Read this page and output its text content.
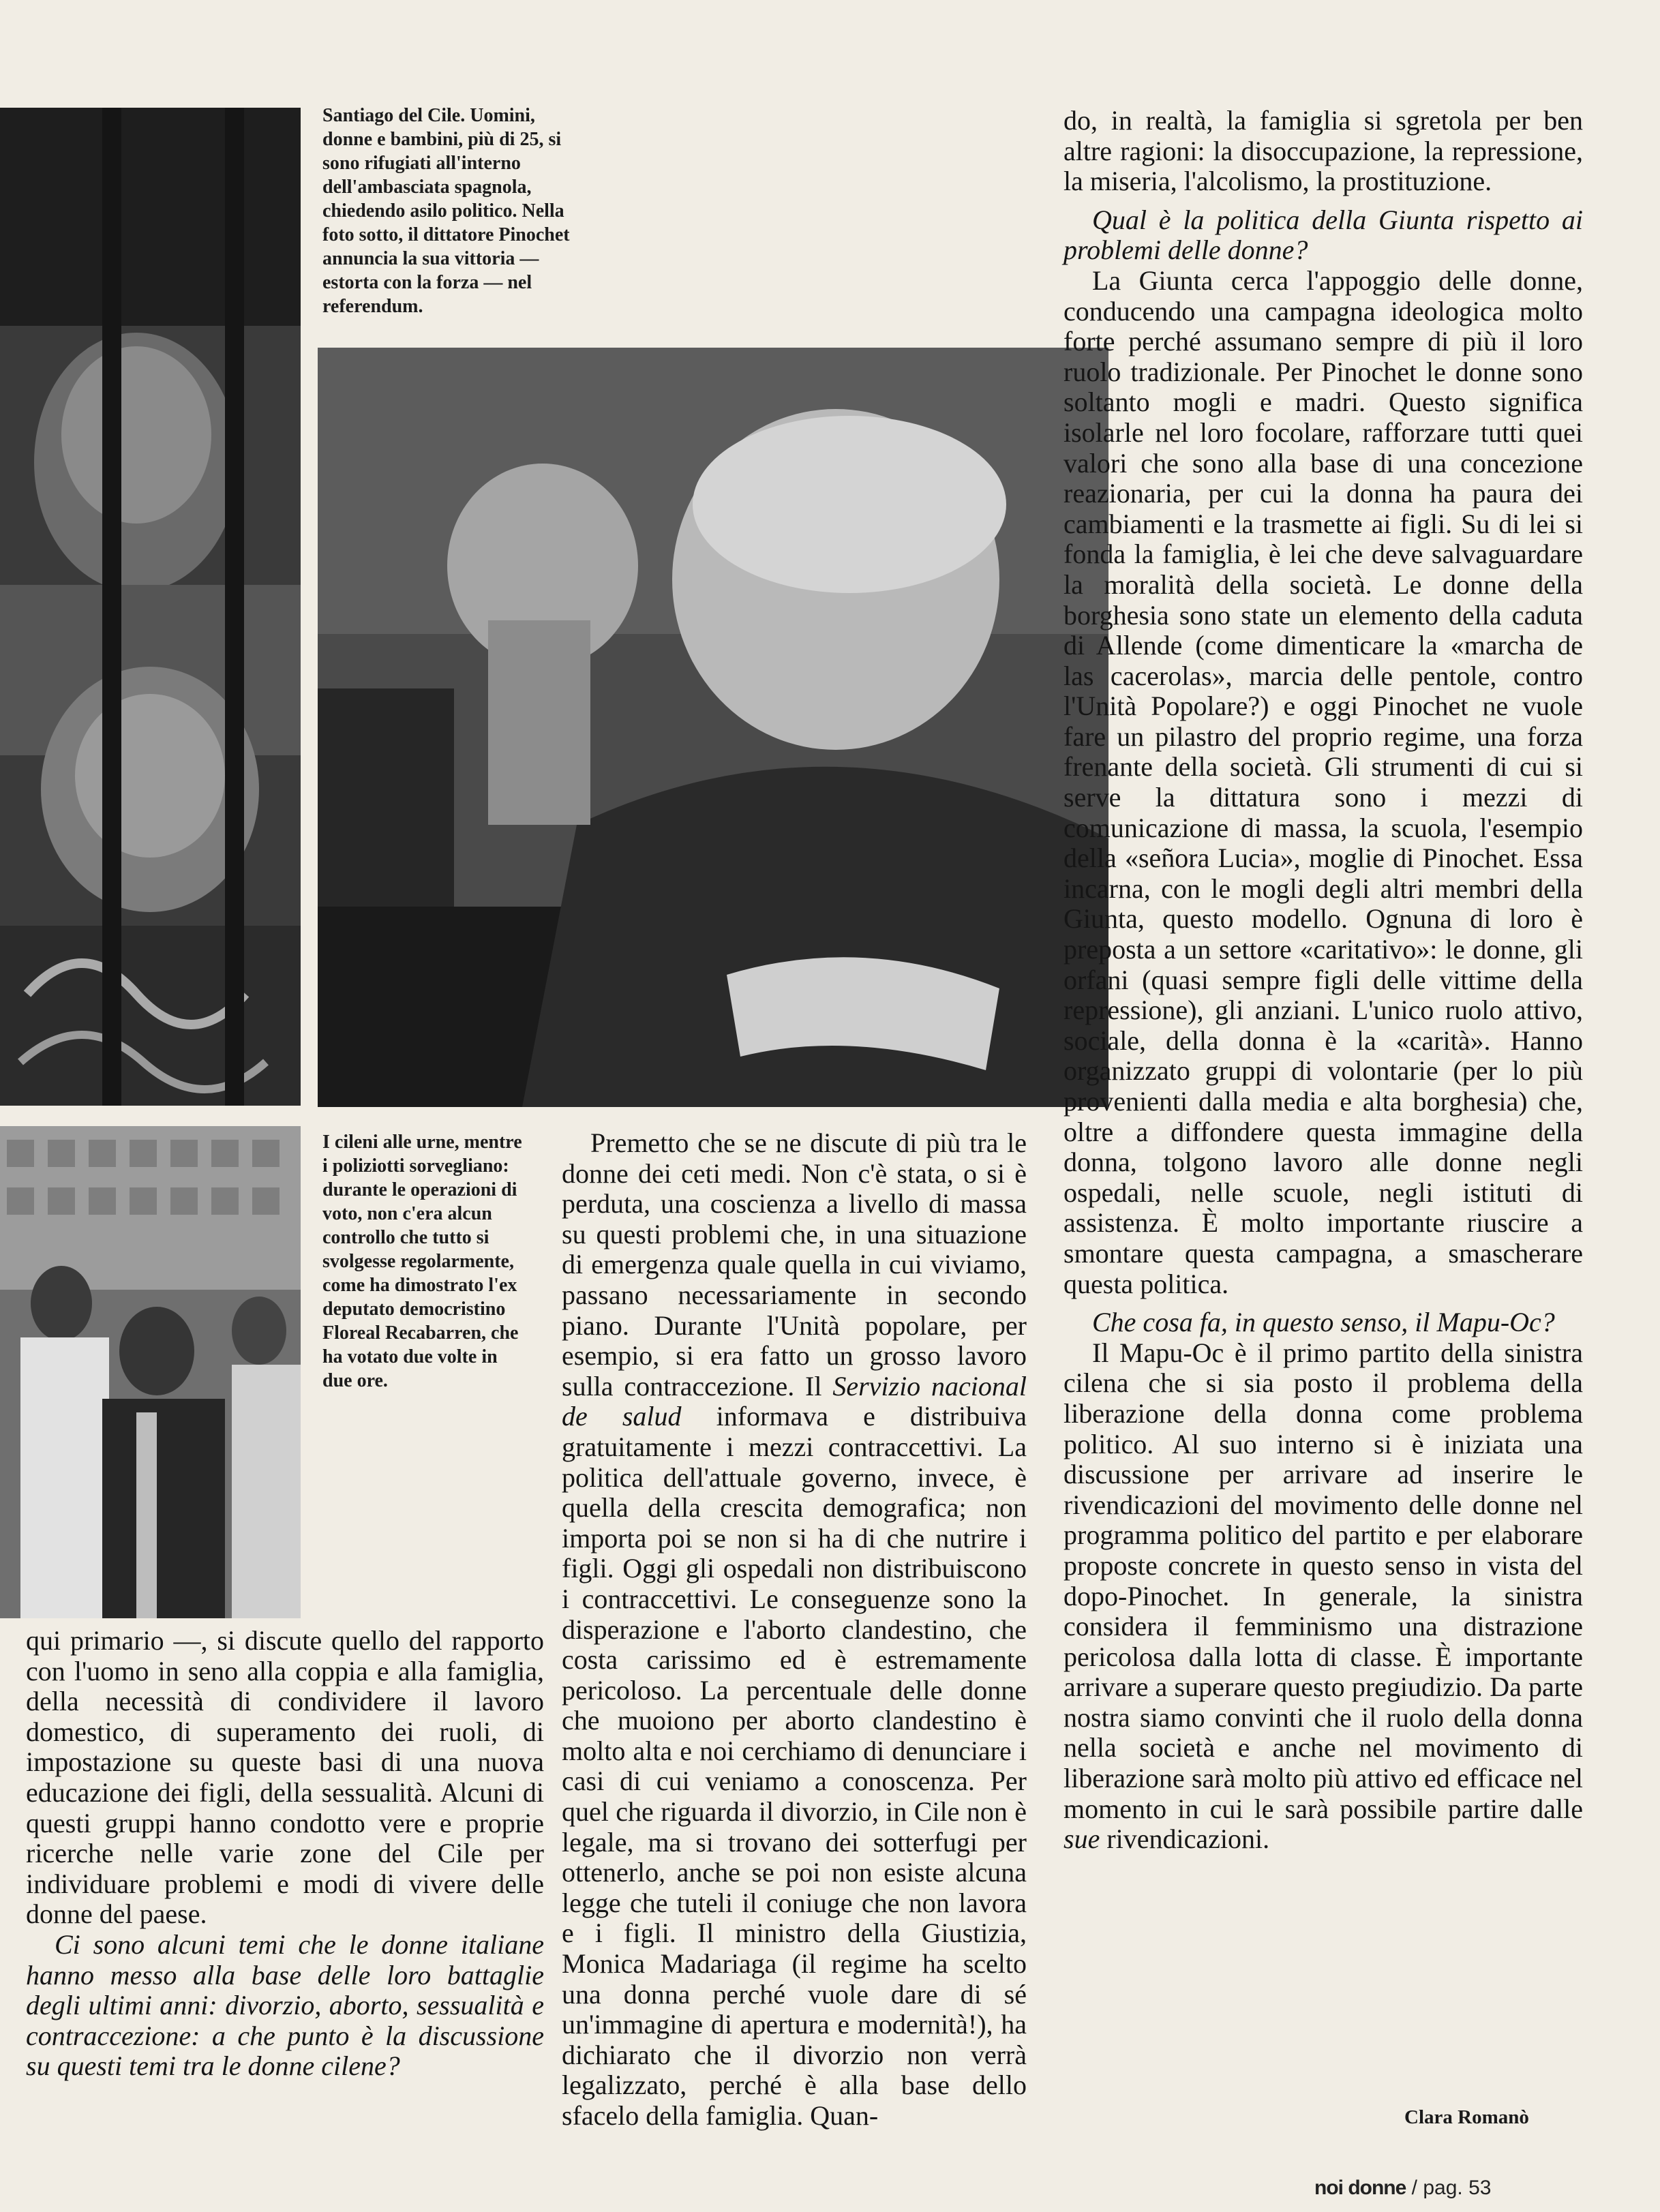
Santiago del Cile. Uomini, donne e bambini, più di 25, si sono rifugiati all'interno dell'ambasciata spagnola, chiedendo asilo politico. Nella foto sotto, il dittatore Pinochet annuncia la sua vittoria — estorta con la forza — nel referendum.
I cileni alle urne, mentre i poliziotti sorvegliano: durante le operazioni di voto, non c'era alcun controllo che tutto si svolgesse regolarmente, come ha dimostrato l'ex deputato democristino Floreal Recabarren, che ha votato due volte in due ore.

qui primario —, si discute quello del rapporto con l'uomo in seno alla coppia e alla famiglia, della necessità di condividere il lavoro domestico, di superamento dei ruoli, di impostazione su queste basi di una nuova educazione dei figli, della sessualità. Alcuni di questi gruppi hanno condotto vere e proprie ricerche nelle varie zone del Cile per individuare problemi e modi di vivere delle donne del paese.

Ci sono alcuni temi che le donne italiane hanno messo alla base delle loro battaglie degli ultimi anni: divorzio, aborto, sessualità e contraccezione: a che punto è la discussione su questi temi tra le donne cilene?

Premetto che se ne discute di più tra le donne dei ceti medi. Non c'è stata, o si è perduta, una coscienza a livello di massa su questi problemi che, in una situazione di emergenza quale quella in cui viviamo, passano necessariamente in secondo piano. Durante l'Unità popolare, per esempio, si era fatto un grosso lavoro sulla contraccezione. Il Servizio nacional de salud informava e distribuiva gratuitamente i mezzi contraccettivi. La politica dell'attuale governo, invece, è quella della crescita demografica; non importa poi se non si ha di che nutrire i figli. Oggi gli ospedali non distribuiscono i contraccettivi. Le conseguenze sono la disperazione e l'aborto clandestino, che costa carissimo ed è estremamente pericoloso. La percentuale delle donne che muoiono per aborto clandestino è molto alta e noi cerchiamo di denunciare i casi di cui veniamo a conoscenza. Per quel che riguarda il divorzio, in Cile non è legale, ma si trovano dei sotterfugi per ottenerlo, anche se poi non esiste alcuna legge che tuteli il coniuge che non lavora e i figli. Il ministro della Giustizia, Monica Madariaga (il regime ha scelto una donna perché vuole dare di sé un'immagine di apertura e modernità!), ha dichiarato che il divorzio non verrà legalizzato, perché è alla base dello sfacelo della famiglia. Quan-

do, in realtà, la famiglia si sgretola per ben altre ragioni: la disoccupazione, la repressione, la miseria, l'alcolismo, la prostituzione.

Qual è la politica della Giunta rispetto ai problemi delle donne?

La Giunta cerca l'appoggio delle donne, conducendo una campagna ideologica molto forte perché assumano sempre di più il loro ruolo tradizionale. Per Pinochet le donne sono soltanto mogli e madri. Questo significa isolarle nel loro focolare, rafforzare tutti quei valori che sono alla base di una concezione reazionaria, per cui la donna ha paura dei cambiamenti e la trasmette ai figli. Su di lei si fonda la famiglia, è lei che deve salvaguardare la moralità della società. Le donne della borghesia sono state un elemento della caduta di Allende (come dimenticare la «marcha de las cacerolas», marcia delle pentole, contro l'Unità Popolare?) e oggi Pinochet ne vuole fare un pilastro del proprio regime, una forza frenante della società. Gli strumenti di cui si serve la dittatura sono i mezzi di comunicazione di massa, la scuola, l'esempio della «señora Lucia», moglie di Pinochet. Essa incarna, con le mogli degli altri membri della Giunta, questo modello. Ognuna di loro è preposta a un settore «caritativo»: le donne, gli orfani (quasi sempre figli delle vittime della repressione), gli anziani. L'unico ruolo attivo, sociale, della donna è la «carità». Hanno organizzato gruppi di volontarie (per lo più provenienti dalla media e alta borghesia) che, oltre a diffondere questa immagine della donna, tolgono lavoro alle donne negli ospedali, nelle scuole, negli istituti di assistenza. È molto importante riuscire a smontare questa campagna, a smascherare questa politica.

Che cosa fa, in questo senso, il Mapu-Oc?

Il Mapu-Oc è il primo partito della sinistra cilena che si sia posto il problema della liberazione della donna come problema politico. Al suo interno si è iniziata una discussione per arrivare ad inserire le rivendicazioni del movimento delle donne nel programma politico del partito e per elaborare proposte concrete in questo senso in vista del dopo-Pinochet. In generale, la sinistra considera il femminismo una distrazione pericolosa dalla lotta di classe. È importante arrivare a superare questo pregiudizio. Da parte nostra siamo convinti che il ruolo della donna nella società e anche nel movimento di liberazione sarà molto più attivo ed efficace nel momento in cui le sarà possibile partire dalle sue rivendicazioni.

Clara Romanò
noi donne / pag. 53
